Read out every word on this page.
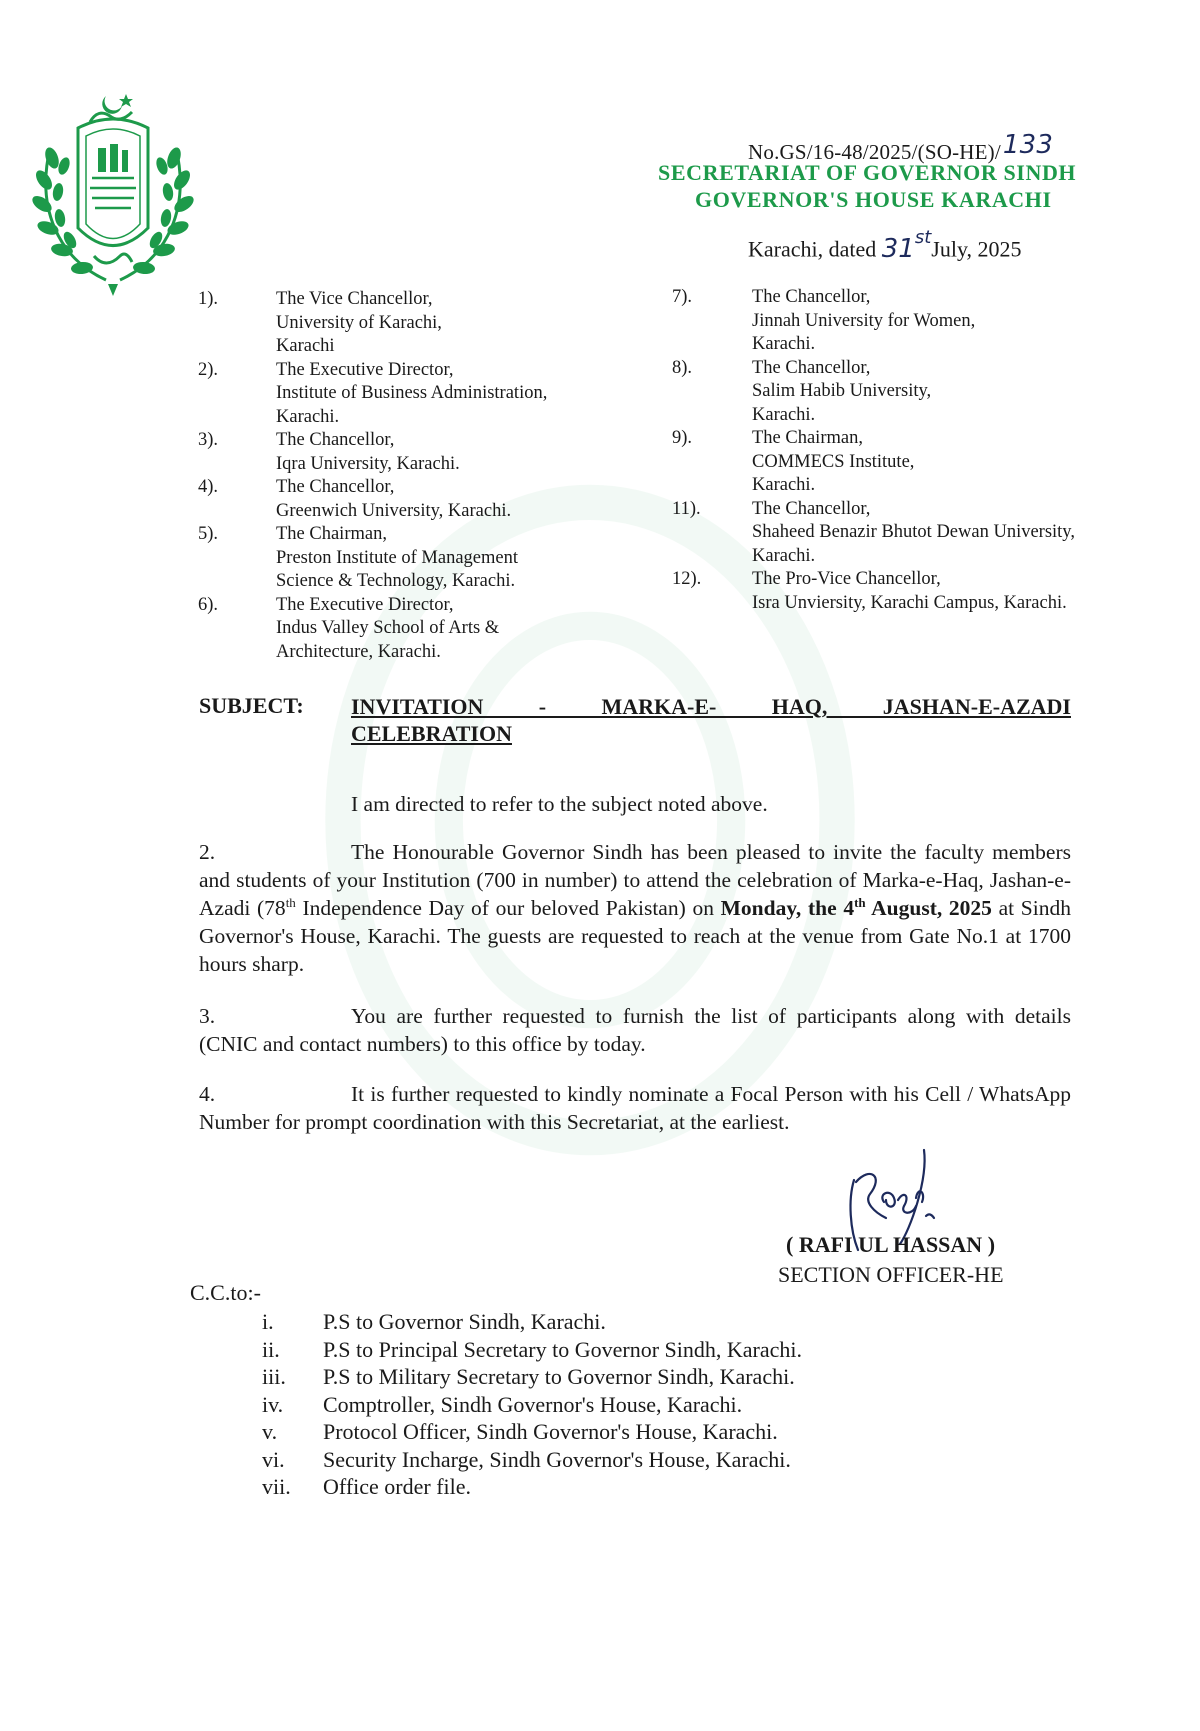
No.GS/16-48/2025/(SO-HE)/133
SECRETARIAT OF GOVERNOR SINDH
GOVERNOR'S HOUSE KARACHI
Karachi, dated 31stJuly, 2025
1).	The Vice Chancellor,
University of Karachi,
Karachi
2).	The Executive Director,
Institute of Business Administration,
Karachi.
3).	The Chancellor,
Iqra University, Karachi.
4).	The Chancellor,
Greenwich University, Karachi.
5).	The Chairman,
Preston Institute of Management
Science & Technology, Karachi.
6).	The Executive Director,
Indus Valley School of Arts &
Architecture, Karachi.
7).	The Chancellor,
Jinnah University for Women,
Karachi.
8).	The Chancellor,
Salim Habib University,
Karachi.
9).	The Chairman,
COMMECS Institute,
Karachi.
11).	The Chancellor,
Shaheed Benazir Bhutot Dewan University,
Karachi.
12).	The Pro-Vice Chancellor,
Isra Unviersity, Karachi Campus, Karachi.
SUBJECT: INVITATION - MARKA-E- HAQ, JASHAN-E-AZADI
CELEBRATION
I am directed to refer to the subject noted above.
2.	The Honourable Governor Sindh has been pleased to invite the faculty members and students of your Institution (700 in number) to attend the celebration of Marka-e-Haq, Jashan-e-Azadi (78th Independence Day of our beloved Pakistan) on Monday, the 4th August, 2025 at Sindh Governor's House, Karachi. The guests are requested to reach at the venue from Gate No.1 at 1700 hours sharp.
3.	You are further requested to furnish the list of participants along with details (CNIC and contact numbers) to this office by today.
4.	It is further requested to kindly nominate a Focal Person with his Cell / WhatsApp Number for prompt coordination with this Secretariat, at the earliest.
( RAFI UL HASSAN )
SECTION OFFICER-HE
C.C.to:-
i.	P.S to Governor Sindh, Karachi.
ii.	P.S to Principal Secretary to Governor Sindh, Karachi.
iii.	P.S to Military Secretary to Governor Sindh, Karachi.
iv.	Comptroller, Sindh Governor's House, Karachi.
v.	Protocol Officer, Sindh Governor's House, Karachi.
vi.	Security Incharge, Sindh Governor's House, Karachi.
vii.	Office order file.
